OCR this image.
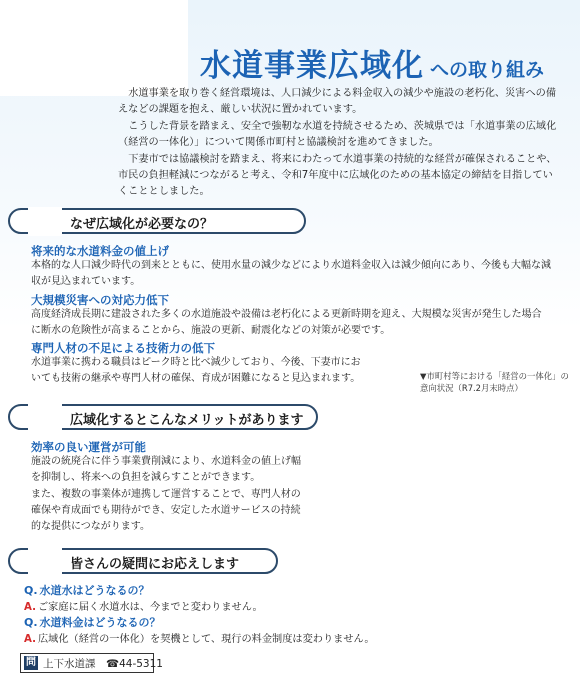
水道事業広域化 への取り組み

水道事業を取り巻く経営環境は、人口減少による料金収入の減少や施設の老朽化、災害への備えなどの課題を抱え、厳しい状況に置かれています。

こうした背景を踏まえ、安全で強靭な水道を持続させるため、茨城県では「水道事業の広域化（経営の一体化）」について関係市町村と協議検討を進めてきました。

下妻市では協議検討を踏まえ、将来にわたって水道事業の持続的な経営が確保されることや、市民の負担軽減につながると考え、令和7年度中に広域化のための基本協定の締結を目指していくこととしました。

なぜ広域化が必要なの？
将来的な水道料金の値上げ
本格的な人口減少時代の到来とともに、使用水量の減少などにより水道料金収入は減少傾向にあり、今後も大幅な減収が見込まれています。
大規模災害への対応力低下
高度経済成長期に建設された多くの水道施設や設備は老朽化による更新時期を迎え、大規模な災害が発生した場合に断水の危険性が高まることから、施設の更新、耐震化などの対策が必要です。
専門人材の不足による技術力の低下
水道事業に携わる職員はピーク時と比べ減少しており、今後、下妻市においても技術の継承や専門人材の確保、育成が困難になると見込まれます。	▼市町村等における「経営の一体化」の意向状況（R7.2月末時点）
広域化するとこんなメリットがあります
効率の良い運営が可能
施設の統廃合に伴う事業費削減により、水道料金の値上げ幅を抑制し、将来への負担を減らすことができます。
また、複数の事業体が連携して運営することで、専門人材の確保や育成面でも期待ができ、安定した水道サービスの持続的な提供につながります。
皆さんの疑問にお応えします
Q. 水道水はどうなるの？
A. ご家庭に届く水道水は、今までと変わりません。
Q. 水道料金はどうなるの？
A. 広域化（経営の一体化）を契機として、現行の料金制度は変わりません。
問 上下水道課　☎44-5311
